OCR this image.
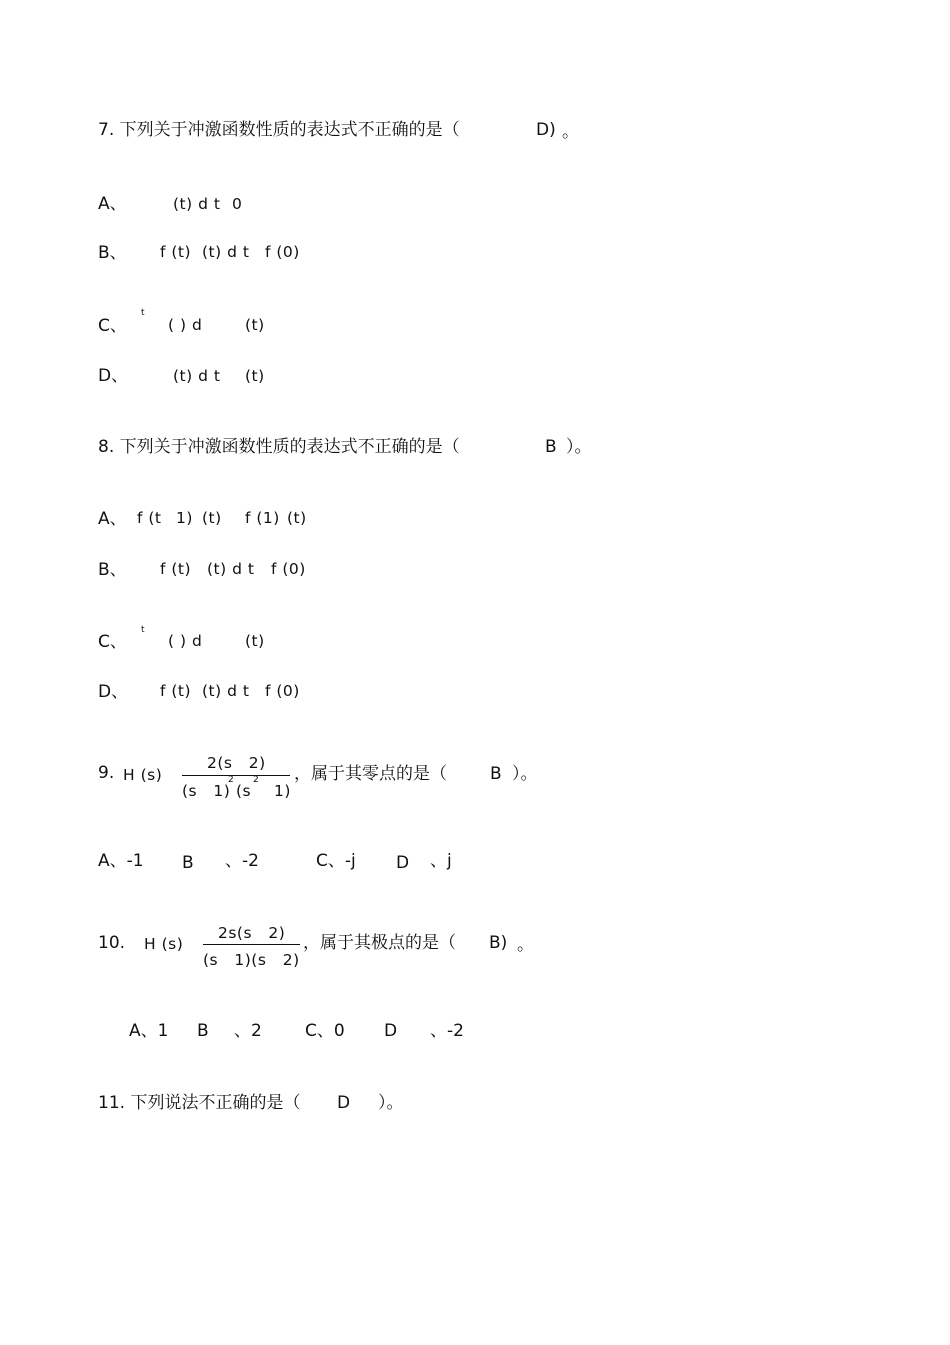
7. 下列关于冲激函数性质的表达式不正确的是（	D) 。
A、	(t) d t 0
B、 f (t) (t) d t f (0)
t
C、	( ) d	(t)
D、	(t) d t (t)
8. 下列关于冲激函数性质的表达式不正确的是（	B ）。
A、 f (t 1) (t) f (1) (t)
B、 f (t) (t) d t f (0)
t
C、	( ) d	(t)
D、 f (t) (t) d t f (0)
9. H (s)
2(s   2)
(s   1)
2
(s
2
1)
，属于其零点的是（	B ）。
A、-1 B 、-2	C、-j D 、j
10. H (s)
2s(s   2)
(s   1)(s   2)
，属于其极点的是（ B) 。
A、1 B 、2	C、0 D 、-2
11. 下列说法不正确的是（ D ）。
